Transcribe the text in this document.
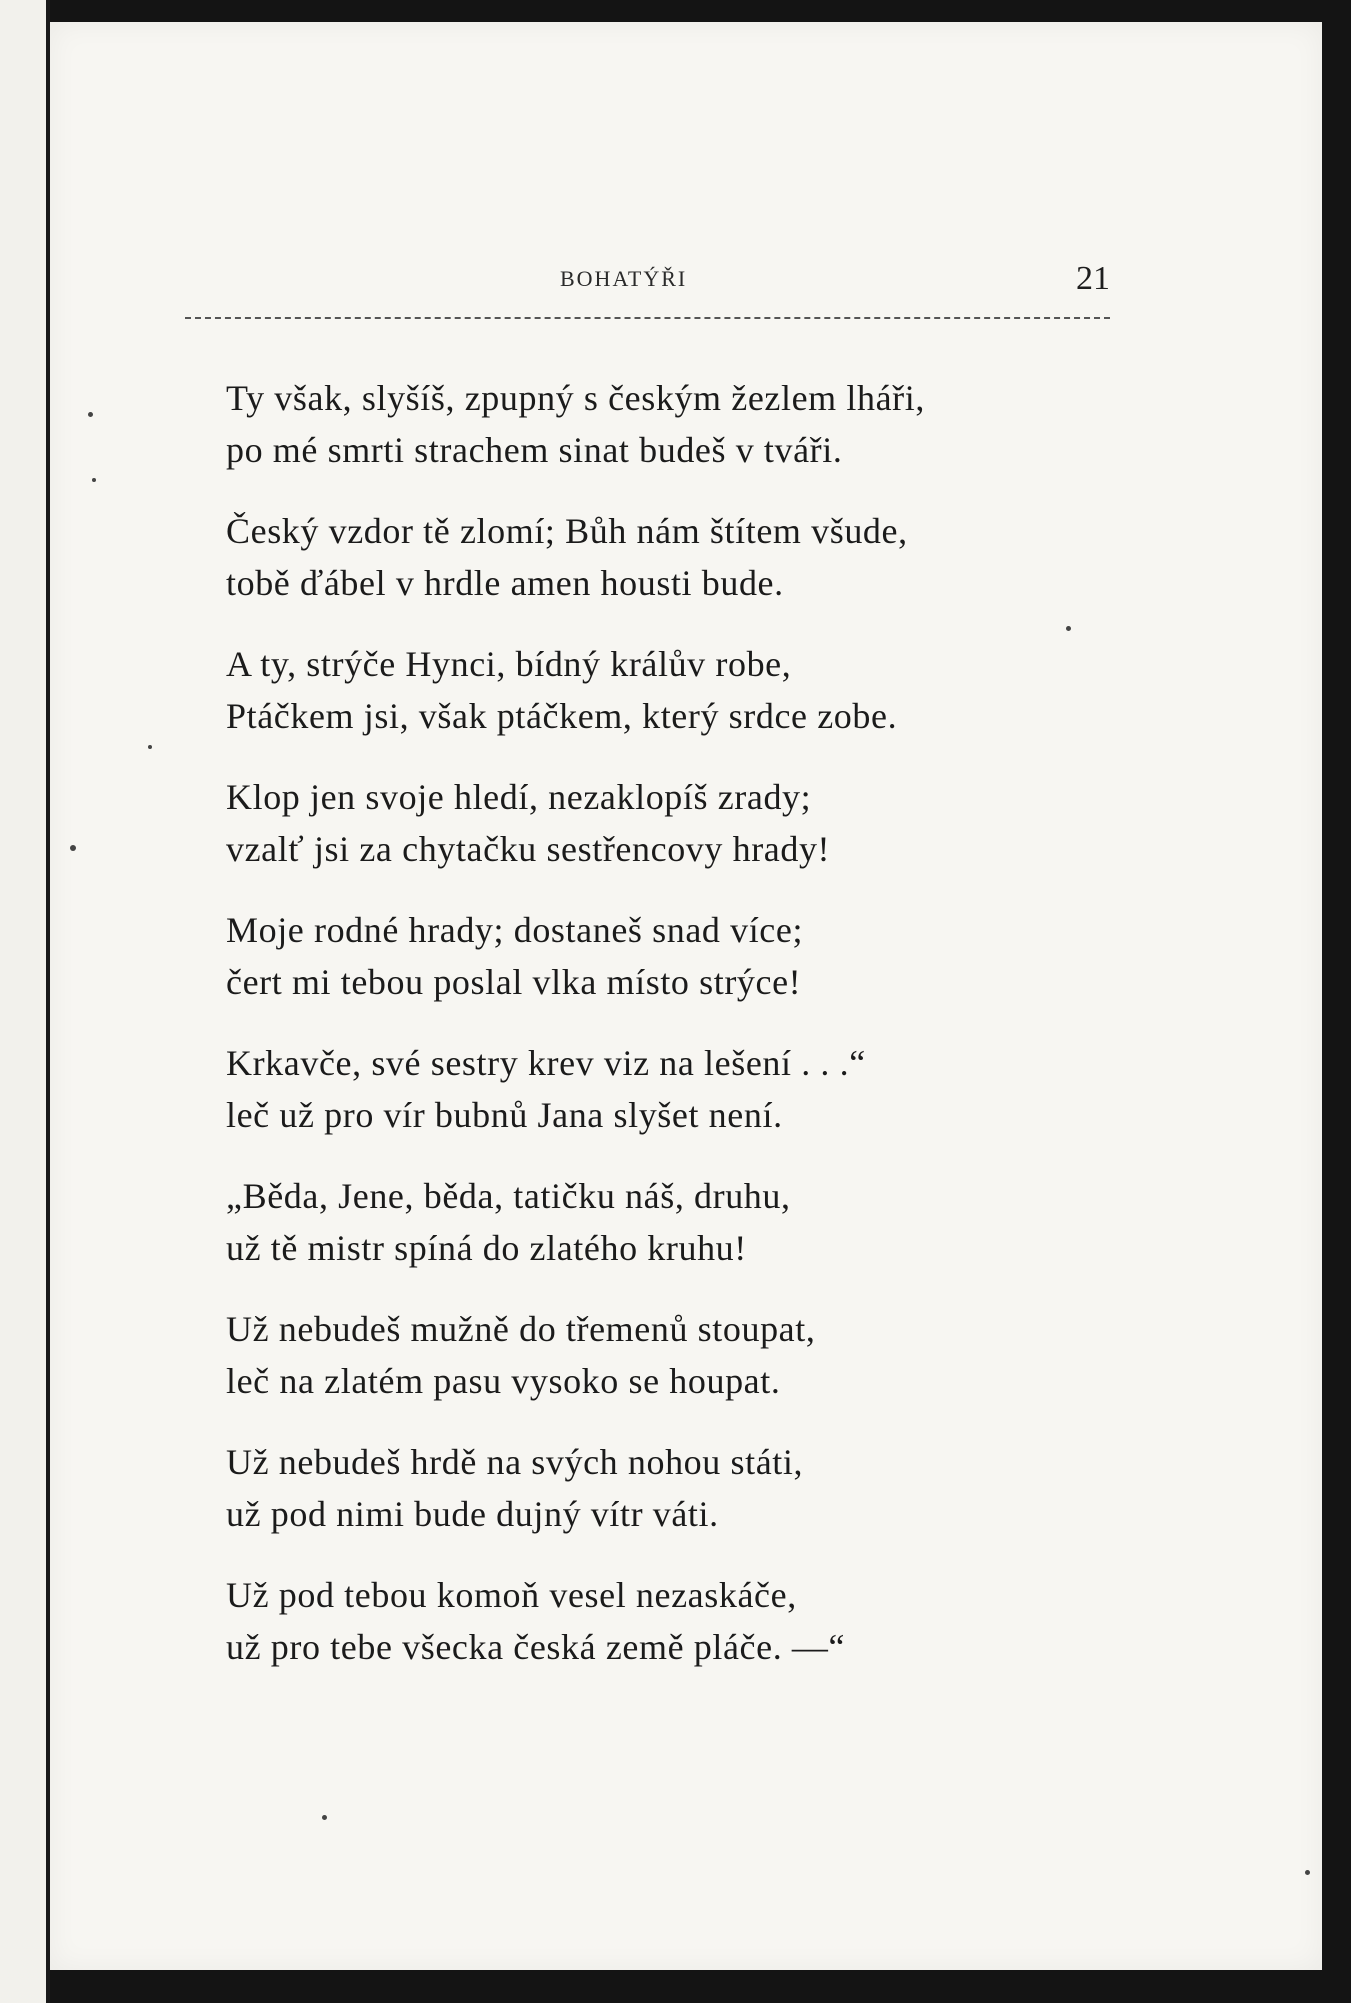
BOHATÝŘI	21
Ty však, slyšíš, zpupný s českým žezlem lháři,
po mé smrti strachem sinat budeš v tváři.
Český vzdor tě zlomí; Bůh nám štítem všude,
tobě ďábel v hrdle amen housti bude.
A ty, strýče Hynci, bídný králův robe,
Ptáčkem jsi, však ptáčkem, který srdce zobe.
Klop jen svoje hledí, nezaklopíš zrady;
vzalť jsi za chytačku sestřencovy hrady!
Moje rodné hrady; dostaneš snad více;
čert mi tebou poslal vlka místo strýce!
Krkavče, své sestry krev viz na lešení . . .“
leč už pro vír bubnů Jana slyšet není.
„Běda, Jene, běda, tatičku náš, druhu,
už tě mistr spíná do zlatého kruhu!
Už nebudeš mužně do třemenů stoupat,
leč na zlatém pasu vysoko se houpat.
Už nebudeš hrdě na svých nohou státi,
už pod nimi bude dujný vítr váti.
Už pod tebou komoň vesel nezaskáče,
už pro tebe všecka česká země pláče. —“
